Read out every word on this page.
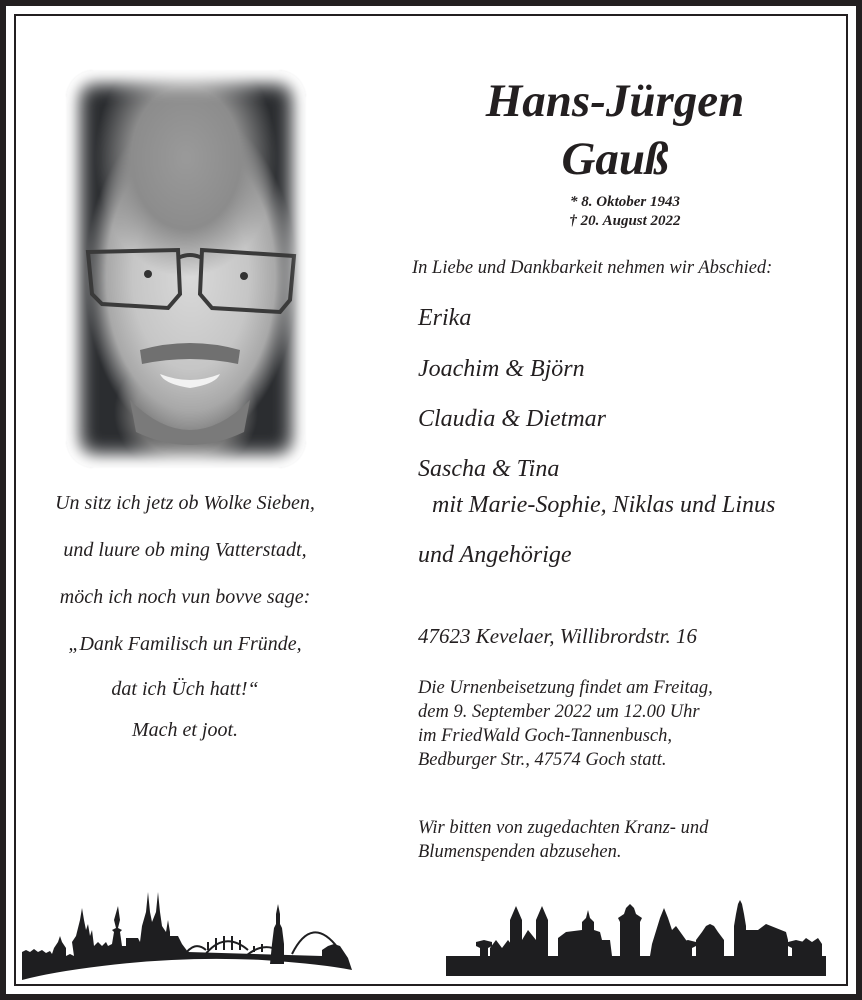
Hans-Jürgen
Gauß
* 8. Oktober 1943
† 20. August 2022
In Liebe und Dankbarkeit nehmen wir Abschied:
Erika
Joachim & Björn
Claudia & Dietmar
Sascha & Tina
mit Marie-Sophie, Niklas und Linus
und Angehörige
47623 Kevelaer, Willibrordstr. 16
Die Urnenbeisetzung findet am Freitag,
dem 9. September 2022 um 12.00 Uhr
im FriedWald Goch-Tannenbusch,
Bedburger Str., 47574 Goch statt.
Wir bitten von zugedachten Kranz- und
Blumenspenden abzusehen.
Un sitz ich jetz ob Wolke Sieben,
und luure ob ming Vatterstadt,
möch ich noch vun bovve sage:
„Dank Familisch un Fründe,
dat ich Üch hatt!“
Mach et joot.
